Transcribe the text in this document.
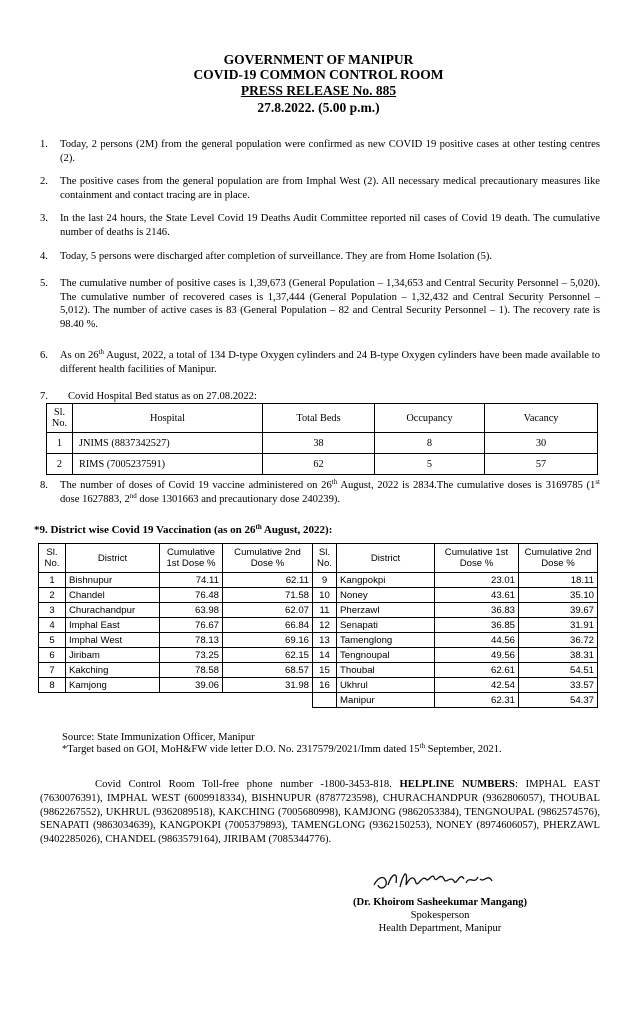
GOVERNMENT OF MANIPUR
COVID-19 COMMON CONTROL ROOM
PRESS RELEASE No. 885
27.8.2022. (5.00 p.m.)
1. Today, 2 persons (2M) from the general population were confirmed as new COVID 19 positive cases at other testing centres (2).
2. The positive cases from the general population are from Imphal West (2). All necessary medical precautionary measures like containment and contact tracing are in place.
3. In the last 24 hours, the State Level Covid 19 Deaths Audit Committee reported nil cases of Covid 19 death. The cumulative number of deaths is 2146.
4. Today, 5 persons were discharged after completion of surveillance. They are from Home Isolation (5).
5. The cumulative number of positive cases is 1,39,673 (General Population – 1,34,653 and Central Security Personnel – 5,020). The cumulative number of recovered cases is 1,37,444 (General Population – 1,32,432 and Central Security Personnel – 5,012). The number of active cases is 83 (General Population – 82 and Central Security Personnel – 1). The recovery rate is 98.40 %.
6. As on 26th August, 2022, a total of 134 D-type Oxygen cylinders and 24 B-type Oxygen cylinders have been made available to different health facilities of Manipur.
7. Covid Hospital Bed status as on 27.08.2022:
Sl. No.	Hospital	Total Beds	Occupancy	Vacancy
1	JNIMS (8837342527)	38	8	30
2	RIMS (7005237591)	62	5	57
8. The number of doses of Covid 19 vaccine administered on 26th August, 2022 is 2834.The cumulative doses is 3169785 (1st dose 1627883, 2nd dose 1301663 and precautionary dose 240239).
*9. District wise Covid 19 Vaccination (as on 26th August, 2022):
Sl. No.	District	Cumulative 1st Dose %	Cumulative 2nd Dose %	Sl. No.	District	Cumulative 1st Dose %	Cumulative 2nd Dose %
1	Bishnupur	74.11	62.11	9	Kangpokpi	23.01	18.11
2	Chandel	76.48	71.58	10	Noney	43.61	35.10
3	Churachandpur	63.98	62.07	11	Pherzawl	36.83	39.67
4	Imphal East	76.67	66.84	12	Senapati	36.85	31.91
5	Imphal West	78.13	69.16	13	Tamenglong	44.56	36.72
6	Jiribam	73.25	62.15	14	Tengnoupal	49.56	38.31
7	Kakching	78.58	68.57	15	Thoubal	62.61	54.51
8	Kamjong	39.06	31.98	16	Ukhrul	42.54	33.57
					Manipur	62.31	54.37
Source: State Immunization Officer, Manipur
*Target based on GOI, MoH&FW vide letter D.O. No. 2317579/2021/Imm dated 15th September, 2021.
Covid Control Room Toll-free phone number -1800-3453-818. HELPLINE NUMBERS: IMPHAL EAST (7630076391), IMPHAL WEST (6009918334), BISHNUPUR (8787723598), CHURACHANDPUR (9362806057), THOUBAL (9862267552), UKHRUL (9362089518), KAKCHING (7005680998), KAMJONG (9862053384), TENGNOUPAL (9862574576), SENAPATI (9863034639), KANGPOKPI (7005379893), TAMENGLONG (9362150253), NONEY (8974606057), PHERZAWL (9402285026), CHANDEL (9863579164), JIRIBAM (7085344776).
(Dr. Khoirom Sasheekumar Mangang)
Spokesperson
Health Department, Manipur
